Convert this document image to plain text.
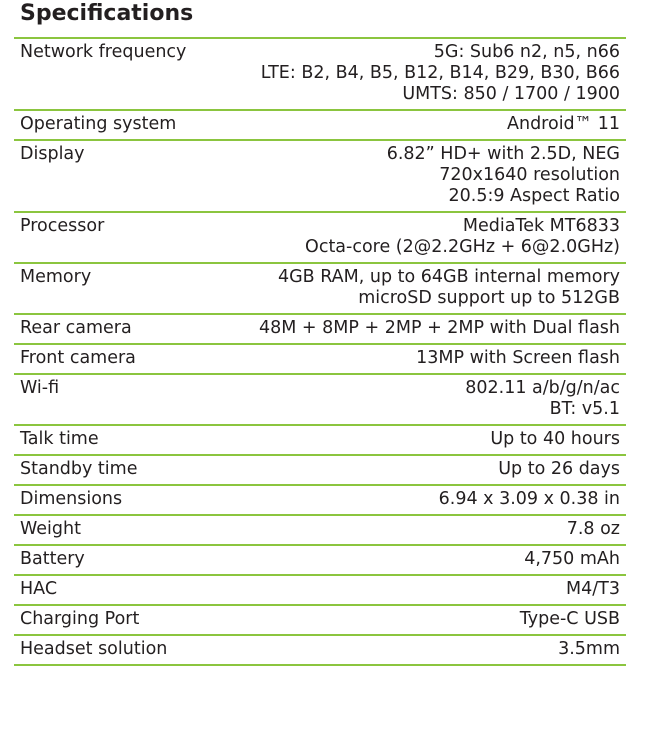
Specifications
Network frequency	5G: Sub6 n2, n5, n66
LTE: B2, B4, B5, B12, B14, B29, B30, B66
UMTS: 850 / 1700 / 1900
Operating system	Android™ 11
Display	6.82” HD+ with 2.5D, NEG
720x1640 resolution
20.5:9 Aspect Ratio
Processor	MediaTek MT6833
Octa-core (2@2.2GHz + 6@2.0GHz)
Memory	4GB RAM, up to 64GB internal memory
microSD support up to 512GB
Rear camera	48M + 8MP + 2MP + 2MP with Dual flash
Front camera	13MP with Screen flash
Wi-fi	802.11 a/b/g/n/ac
BT: v5.1
Talk time	Up to 40 hours
Standby time	Up to 26 days
Dimensions	6.94 x 3.09 x 0.38 in
Weight	7.8 oz
Battery	4,750 mAh
HAC	M4/T3
Charging Port	Type-C USB
Headset solution	3.5mm
